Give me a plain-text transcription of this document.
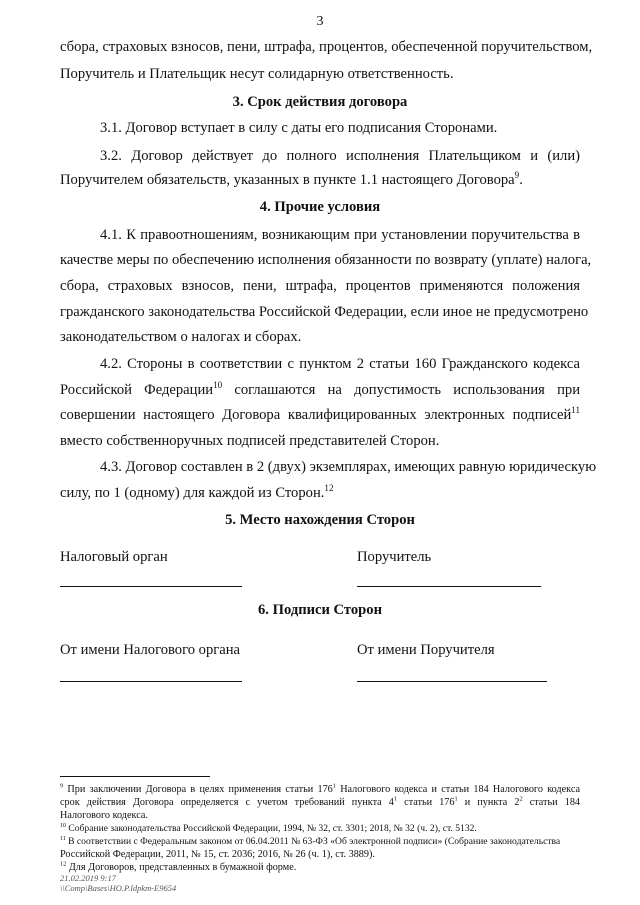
3
сбора, страховых взносов, пени, штрафа, процентов, обеспеченной поручительством,
Поручитель и Плательщик несут солидарную ответственность.
3. Срок действия договора
3.1. Договор вступает в силу с даты его подписания Сторонами.
3.2. Договор действует до полного исполнения Плательщиком и (или)
Поручителем обязательств, указанных в пункте 1.1 настоящего Договора$^9$.
4. Прочие условия
4.1. К правоотношениям, возникающим при установлении поручительства в
качестве меры по обеспечению исполнения обязанности по возврату (уплате) налога,
сбора, страховых взносов, пени, штрафа, процентов применяются положения
гражданского законодательства Российской Федерации, если иное не предусмотрено
законодательством о налогах и сборах.
4.2. Стороны в соответствии с пунктом 2 статьи 160 Гражданского кодекса
Российской Федерации$^{10}$ соглашаются на допустимость использования при
совершении настоящего Договора квалифицированных электронных подписей$^{11}$
вместо собственноручных подписей представителей Сторон.
4.3. Договор составлен в 2 (двух) экземплярах, имеющих равную юридическую
силу, по 1 (одному) для каждой из Сторон.$^{12}$
5. Место нахождения Сторон
Налоговый орган	Поручитель
6. Подписи Сторон
От имени Налогового органа	От имени Поручителя
$^9$ При заключении Договора в целях применения статьи $176^1$ Налогового кодекса и статьи 184 Налогового кодекса
срок действия Договора определяется с учетом требований пункта $4^1$ статьи $176^1$ и пункта $2^2$ статьи 184
Налогового кодекса.
$^{10}$ Собрание законодательства Российской Федерации, 1994, № 32, ст. 3301; 2018, № 32 (ч. 2), ст. 5132.
$^{11}$ В соответствии с Федеральным законом от 06.04.2011 № 63-ФЗ «Об электронной подписи» (Собрание законодательства
Российской Федерации, 2011, № 15, ст. 2036; 2016, № 26 (ч. 1), ст. 3889).
$^{12}$ Для Договоров, представленных в бумажной форме.
21.02.2019 9:17
\\Comp\Bases\НО.Р.ldpkm-E9654
